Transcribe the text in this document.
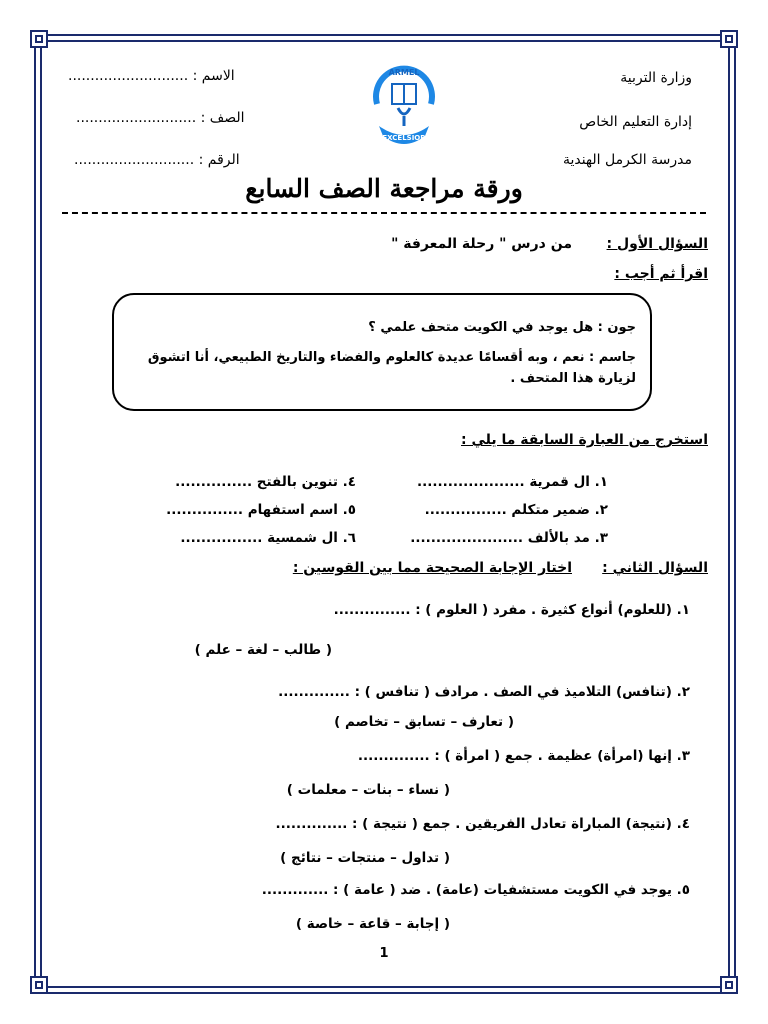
وزارة التربية
إدارة التعليم الخاص
مدرسة الكرمل الهندية
الاسم : ...........................
الصف : ...........................
الرقم : ...........................
ARMEL
EXCELSIOR
ورقة مراجعة الصف السابع
السؤال الأول :
من درس " رحلة المعرفة "
اقرأ ثم أجب :

جون : هل يوجد في الكويت متحف علمي ؟

جاسم : نعم ، وبه أقسامًا عديدة كالعلوم والفضاء والتاريخ الطبيعي، أنا اتشوق لزيارة هذا المتحف .

استخرج من العبارة السابقة ما يلي :
١. ال قمرية .....................
٢. ضمير متكلم ................
٣. مد بالألف ......................
٤. تنوين بالفتح ...............
٥. اسم استفهام ...............
٦. ال شمسية ................
السؤال الثاني :
اختار الإجابة الصحيحة مما بين القوسين :
١. (للعلوم) أنواع كثيرة . مفرد ( العلوم ) : ...............
( طالب – لغة – علم )
٢. (تنافس) التلاميذ في الصف . مرادف ( تنافس ) : ..............
( تعارف – تسابق – تخاصم )
٣. إنها (امرأة) عظيمة . جمع ( امرأة ) : ..............
( نساء – بنات – معلمات )
٤. (نتيجة) المباراة تعادل الفريقين . جمع ( نتيجة ) : ..............
( تداول – منتجات – نتائج )
٥. يوجد في الكويت مستشفيات (عامة) . ضد ( عامة ) : .............
( إجابة – قاعة – خاصة )
1
